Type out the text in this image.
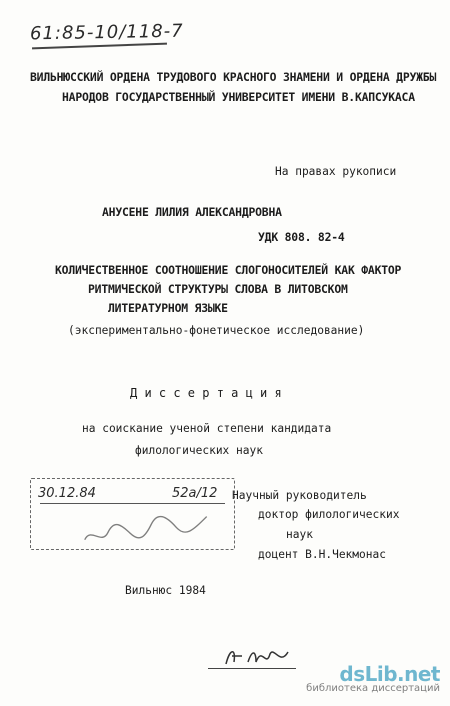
61:85-10/118-7
ВИЛЬНЮССКИЙ ОРДЕНА ТРУДОВОГО КРАСНОГО ЗНАМЕНИ И ОРДЕНА ДРУЖБЫ
НАРОДОВ ГОСУДАРСТВЕННЫЙ УНИВЕРСИТЕТ ИМЕНИ В.КАПСУКАСА
На правах рукописи
АНУСЕНЕ ЛИЛИЯ АЛЕКСАНДРОВНА
УДК 808. 82-4
КОЛИЧЕСТВЕННОЕ СООТНОШЕНИЕ СЛОГОНОСИТЕЛЕЙ КАК ФАКТОР
РИТМИЧЕСКОЙ СТРУКТУРЫ СЛОВА В ЛИТОВСКОМ
ЛИТЕРАТУРНОМ ЯЗЫКЕ
(экспериментально-фонетическое исследование)
Д и с с е р т а ц и я
на соискание ученой степени кандидата
филологических наук
30.12.84	52а/12 Научный руководитель
доктор филологических
наук
доцент В.Н.Чекмонас
Вильнюс 1984
dsLib.net
библиотека диссертаций
